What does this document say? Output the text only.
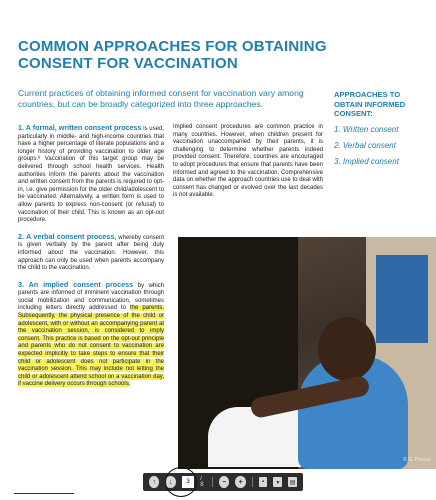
COMMON APPROACHES FOR OBTAINING CONSENT FOR VACCINATION
Current practices of obtaining informed consent for vaccination vary among countries, but can be broadly categorized into three approaches.
APPROACHES TO OBTAIN INFORMED CONSENT:
1. Written consent
2. Verbal consent
3. Implied consent

1. A formal, written consent process is used, particularly in middle- and high-income countries that have a higher percentage of literate populations and a longer history of providing vaccination to older age groups.⁸ Vaccination of this target group may be delivered through school health services. Health authorities inform the parents about the vaccination and written consent from the parents is required to opt-in, i.e. give permission for the older child/adolescent to be vaccinated. Alternatively, a written form is used to allow parents to express non-consent (or refusal) to vaccination of their child. This is known as an opt-out procedure.

2. A verbal consent process, whereby consent is given verbally by the parent after being duly informed about the vaccination. However, this approach can only be used when parents accompany the child to the vaccination.

3. An implied consent process by which parents are informed of imminent vaccination through social mobilization and communication, sometimes including letters directly addressed to the parents. Subsequently, the physical presence of the child or adolescent, with or without an accompanying parent at the vaccination session, is considered to imply consent. This practice is based on the opt-out principle and parents who do not consent to vaccination are expected implicitly to take steps to ensure that their child or adolescent does not participate in the vaccination session. This may include not letting the child or adolescent attend school on a vaccination day, if vaccine delivery occurs through schools.

Implied consent procedures are common practice in many countries. However, when children present for vaccination unaccompanied by their parents, it is challenging to determine whether parents indeed provided consent. Therefore, countries are encouraged to adopt procedures that ensure that parents have been informed and agreed to the vaccination. Comprehensive data on whether the approach countries use to deal with consent has changed or evolved over the last decades is not available.

© G. Pirozzi
↑	↓	3	/ 8	−	+	▪	▾	▤
